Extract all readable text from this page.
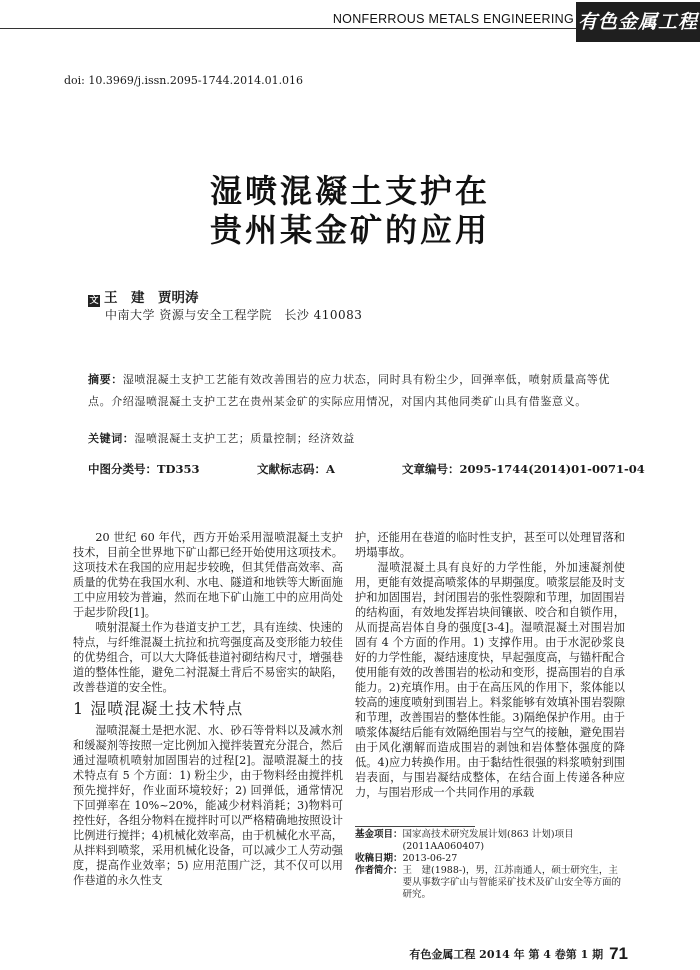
NONFERROUS METALS ENGINEERING 有色金属工程
doi: 10.3969/j.issn.2095-1744.2014.01.016
湿喷混凝土支护在
贵州某金矿的应用
文 王　建　贾明涛
中南大学 资源与安全工程学院　长沙 410083
摘要：湿喷混凝土支护工艺能有效改善围岩的应力状态，同时具有粉尘少，回弹率低，喷射质量高等优点。介绍湿喷混凝土支护工艺在贵州某金矿的实际应用情况，对国内其他同类矿山具有借鉴意义。
关键词：湿喷混凝土支护工艺；质量控制；经济效益
中图分类号：TD353	文献标志码：A	文章编号：2095-1744(2014)01-0071-04

20 世纪 60 年代，西方开始采用湿喷混凝土支护技术，目前全世界地下矿山都已经开始使用这项技术。这项技术在我国的应用起步较晚，但其凭借高效率、高质量的优势在我国水利、水电、隧道和地铁等大断面施工中应用较为普遍，然而在地下矿山施工中的应用尚处于起步阶段[1]。

喷射混凝土作为巷道支护工艺，具有连续、快速的特点，与纤维混凝土抗拉和抗弯强度高及变形能力较佳的优势组合，可以大大降低巷道衬砌结构尺寸，增强巷道的整体性能，避免二衬混凝土背后不易密实的缺陷，改善巷道的安全性。

1 湿喷混凝土技术特点

湿喷混凝土是把水泥、水、砂石等骨料以及减水剂和缓凝剂等按照一定比例加入搅拌装置充分混合，然后通过湿喷机喷射加固围岩的过程[2]。湿喷混凝土的技术特点有 5 个方面：1) 粉尘少，由于物料经由搅拌机预先搅拌好，作业面环境较好；2) 回弹低，通常情况下回弹率在 10%~20%，能减少材料消耗；3)物料可控性好，各组分物料在搅拌时可以严格精确地按照设计比例进行搅拌；4)机械化效率高，由于机械化水平高，从拌料到喷浆，采用机械化设备，可以减少工人劳动强度，提高作业效率；5) 应用范围广泛，其不仅可以用作巷道的永久性支

护，还能用在巷道的临时性支护，甚至可以处理冒落和坍塌事故。

湿喷混凝土具有良好的力学性能，外加速凝剂使用，更能有效提高喷浆体的早期强度。喷浆层能及时支护和加固围岩，封闭围岩的张性裂隙和节理，加固围岩的结构面，有效地发挥岩块间镶嵌、咬合和自锁作用，从而提高岩体自身的强度[3-4]。湿喷混凝土对围岩加固有 4 个方面的作用。1) 支撑作用。由于水泥砂浆良好的力学性能，凝结速度快，早起强度高，与锚杆配合使用能有效的改善围岩的松动和变形，提高围岩的自承能力。2)充填作用。由于在高压风的作用下，浆体能以较高的速度喷射到围岩上。料浆能够有效填补围岩裂隙和节理，改善围岩的整体性能。3)隔绝保护作用。由于喷浆体凝结后能有效隔绝围岩与空气的接触，避免围岩由于风化潮解而造成围岩的剥蚀和岩体整体强度的降低。4)应力转换作用。由于黏结性很强的料浆喷射到围岩表面，与围岩凝结成整体，在结合面上传递各种应力，与围岩形成一个共同作用的承载

基金项目： 国家高技术研究发展计划(863 计划)项目 (2011AA060407)
收稿日期： 2013-06-27
作者简介： 王　建(1988-)，男，江苏南通人，硕士研究生，主要从事数字矿山与智能采矿技术及矿山安全等方面的研究。
有色金属工程 2014 年 第 4 卷第 1 期 71
